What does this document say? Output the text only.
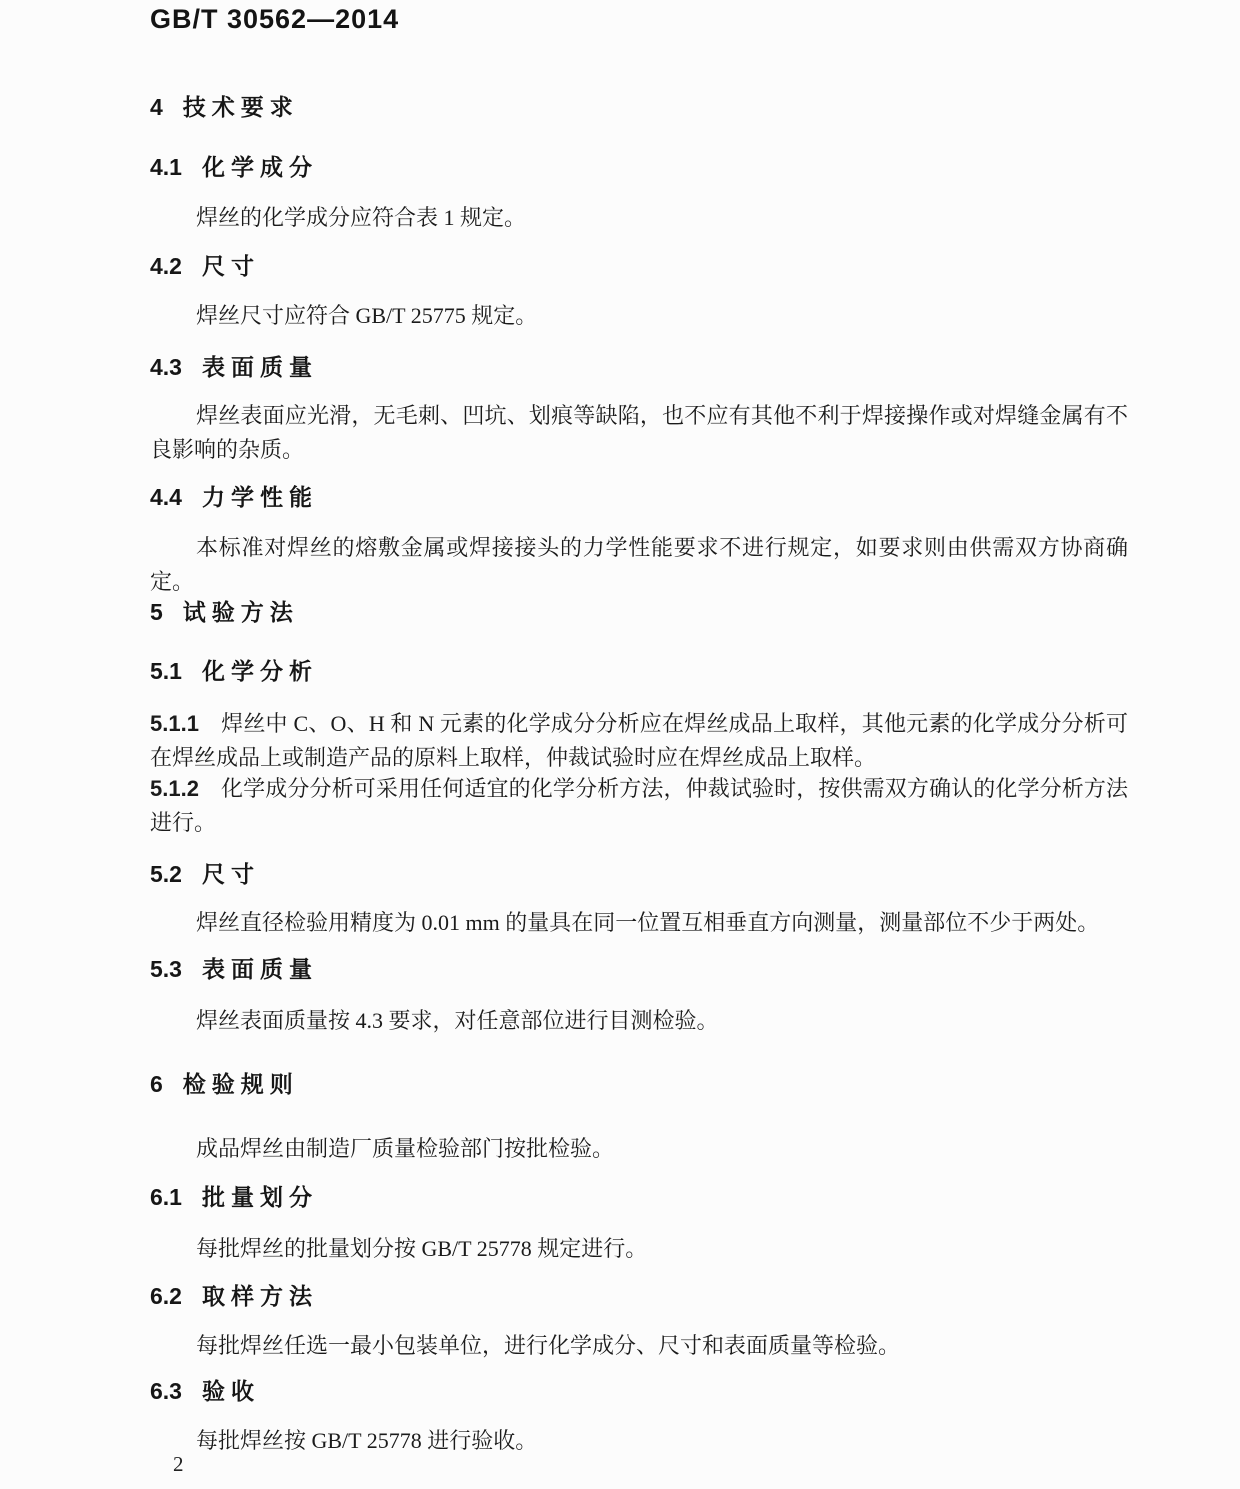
GB/T 30562—2014
4 技术要求
4.1 化学成分

焊丝的化学成分应符合表 1 规定。

4.2 尺寸

焊丝尺寸应符合 GB/T 25775 规定。

4.3 表面质量

焊丝表面应光滑，无毛刺、凹坑、划痕等缺陷，也不应有其他不利于焊接操作或对焊缝金属有不良影响的杂质。

4.4 力学性能

本标准对焊丝的熔敷金属或焊接接头的力学性能要求不进行规定，如要求则由供需双方协商确定。

5 试验方法
5.1 化学分析

5.1.1 焊丝中 C、O、H 和 N 元素的化学成分分析应在焊丝成品上取样，其他元素的化学成分分析可在焊丝成品上或制造产品的原料上取样，仲裁试验时应在焊丝成品上取样。

5.1.2 化学成分分析可采用任何适宜的化学分析方法，仲裁试验时，按供需双方确认的化学分析方法进行。

5.2 尺寸

焊丝直径检验用精度为 0.01 mm 的量具在同一位置互相垂直方向测量，测量部位不少于两处。

5.3 表面质量

焊丝表面质量按 4.3 要求，对任意部位进行目测检验。

6 检验规则

成品焊丝由制造厂质量检验部门按批检验。

6.1 批量划分

每批焊丝的批量划分按 GB/T 25778 规定进行。

6.2 取样方法

每批焊丝任选一最小包装单位，进行化学成分、尺寸和表面质量等检验。

6.3 验收

每批焊丝按 GB/T 25778 进行验收。

2
